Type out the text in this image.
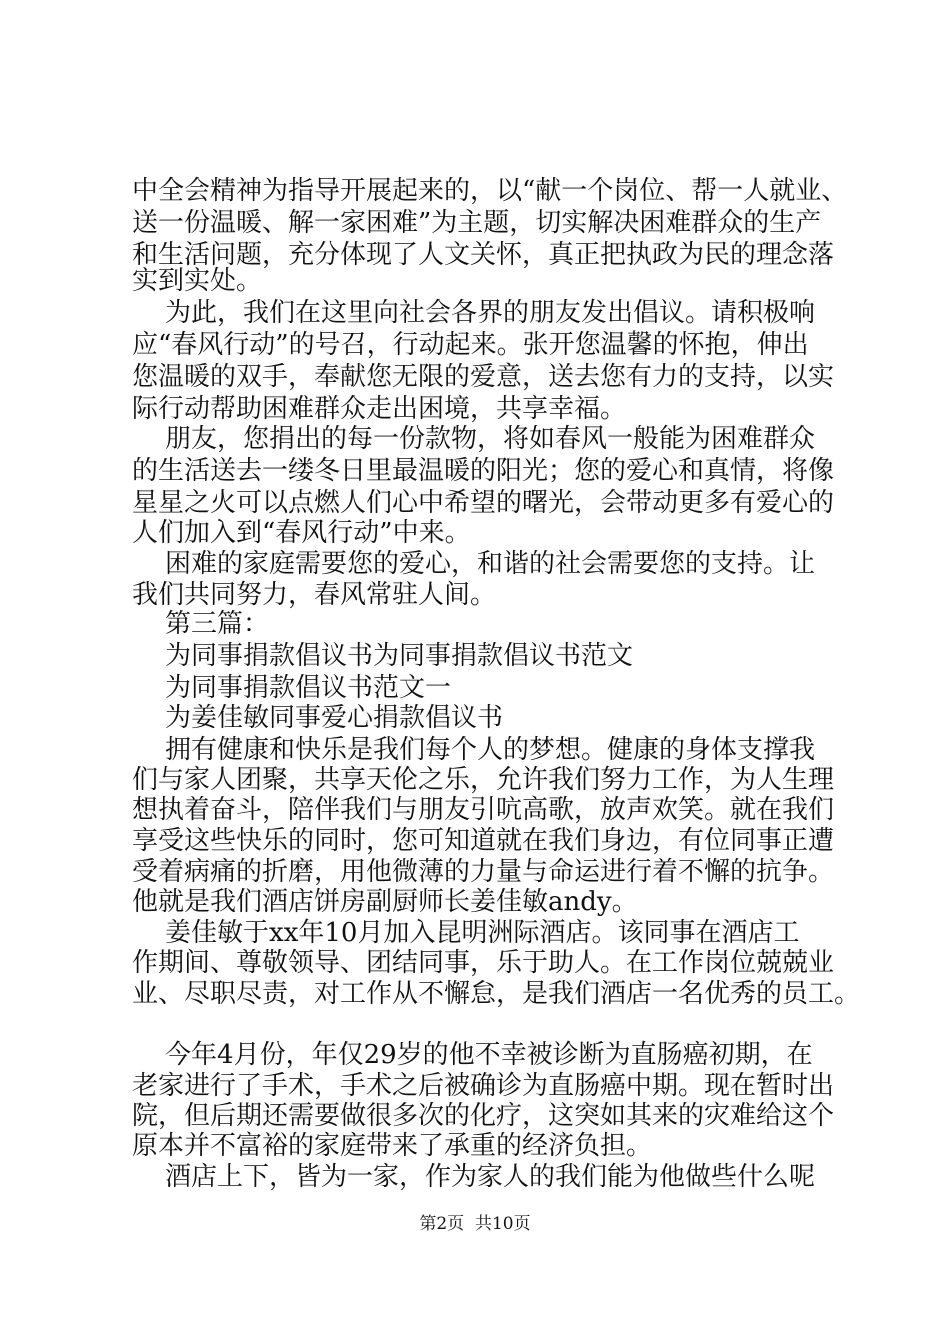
中全会精神为指导开展起来的，以“献一个岗位、帮一人就业、

送一份温暖、解一家困难”为主题，切实解决困难群众的生产

和生活问题，充分体现了人文关怀，真正把执政为民的理念落

实到实处。

为此，我们在这里向社会各界的朋友发出倡议。请积极响

应“春风行动”的号召，行动起来。张开您温馨的怀抱，伸出

您温暖的双手，奉献您无限的爱意，送去您有力的支持，以实

际行动帮助困难群众走出困境，共享幸福。

朋友，您捐出的每一份款物，将如春风一般能为困难群众

的生活送去一缕冬日里最温暖的阳光；您的爱心和真情，将像

星星之火可以点燃人们心中希望的曙光，会带动更多有爱心的

人们加入到“春风行动”中来。

困难的家庭需要您的爱心，和谐的社会需要您的支持。让

我们共同努力，春风常驻人间。

第三篇：

为同事捐款倡议书为同事捐款倡议书范文

为同事捐款倡议书范文一

为姜佳敏同事爱心捐款倡议书

拥有健康和快乐是我们每个人的梦想。健康的身体支撑我

们与家人团聚，共享天伦之乐，允许我们努力工作，为人生理

想执着奋斗，陪伴我们与朋友引吭高歌，放声欢笑。就在我们

享受这些快乐的同时，您可知道就在我们身边，有位同事正遭

受着病痛的折磨，用他微薄的力量与命运进行着不懈的抗争。

他就是我们酒店饼房副厨师长姜佳敏andy。

姜佳敏于xx年10月加入昆明洲际酒店。该同事在酒店工

作期间、尊敬领导、团结同事，乐于助人。在工作岗位兢兢业

业、尽职尽责，对工作从不懈怠，是我们酒店一名优秀的员工。

今年4月份，年仅29岁的他不幸被诊断为直肠癌初期，在

老家进行了手术，手术之后被确诊为直肠癌中期。现在暂时出

院，但后期还需要做很多次的化疗，这突如其来的灾难给这个

原本并不富裕的家庭带来了承重的经济负担。

酒店上下，皆为一家，作为家人的我们能为他做些什么呢

第2页  共10页
